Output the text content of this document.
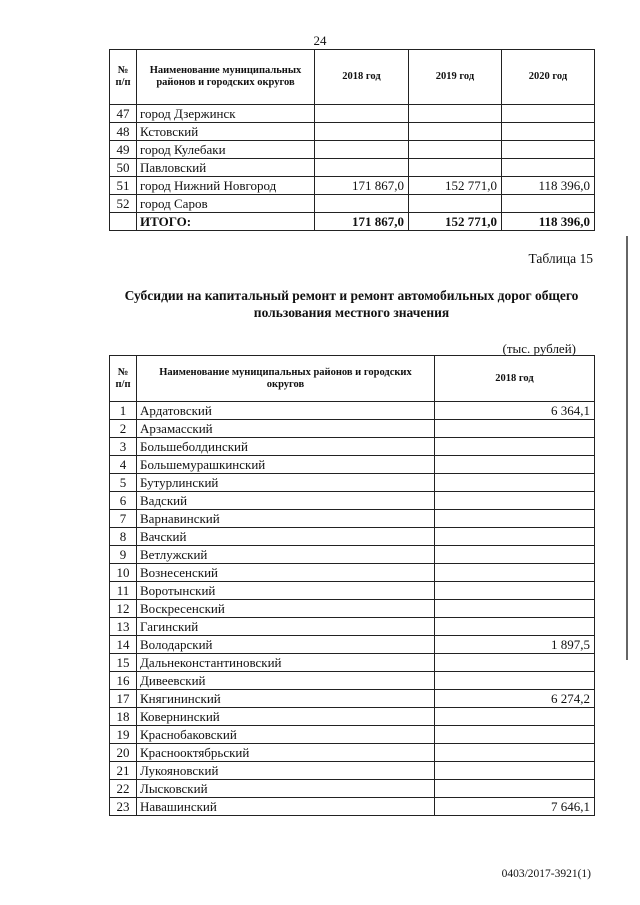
24
№ п/п	Наименование муниципальных районов и городских округов	2018 год	2019 год	2020 год
47	город Дзержинск			
48	Кстовский			
49	город Кулебаки			
50	Павловский			
51	город Нижний Новгород	171 867,0	152 771,0	118 396,0
52	город Саров			
	ИТОГО:	171 867,0	152 771,0	118 396,0
Таблица 15
Субсидии на капитальный ремонт и ремонт автомобильных дорог общего пользования местного значения
(тыс. рублей)
№ п/п	Наименование муниципальных районов и городских округов	2018 год
1	Ардатовский	6 364,1
2	Арзамасский	
3	Большеболдинский	
4	Большемурашкинский	
5	Бутурлинский	
6	Вадский	
7	Варнавинский	
8	Вачский	
9	Ветлужский	
10	Вознесенский	
11	Воротынский	
12	Воскресенский	
13	Гагинский	
14	Володарский	1 897,5
15	Дальнеконстантиновский	
16	Дивеевский	
17	Княгининский	6 274,2
18	Ковернинский	
19	Краснобаковский	
20	Краснооктябрьский	
21	Лукояновский	
22	Лысковский	
23	Навашинский	7 646,1
0403/2017-3921(1)
